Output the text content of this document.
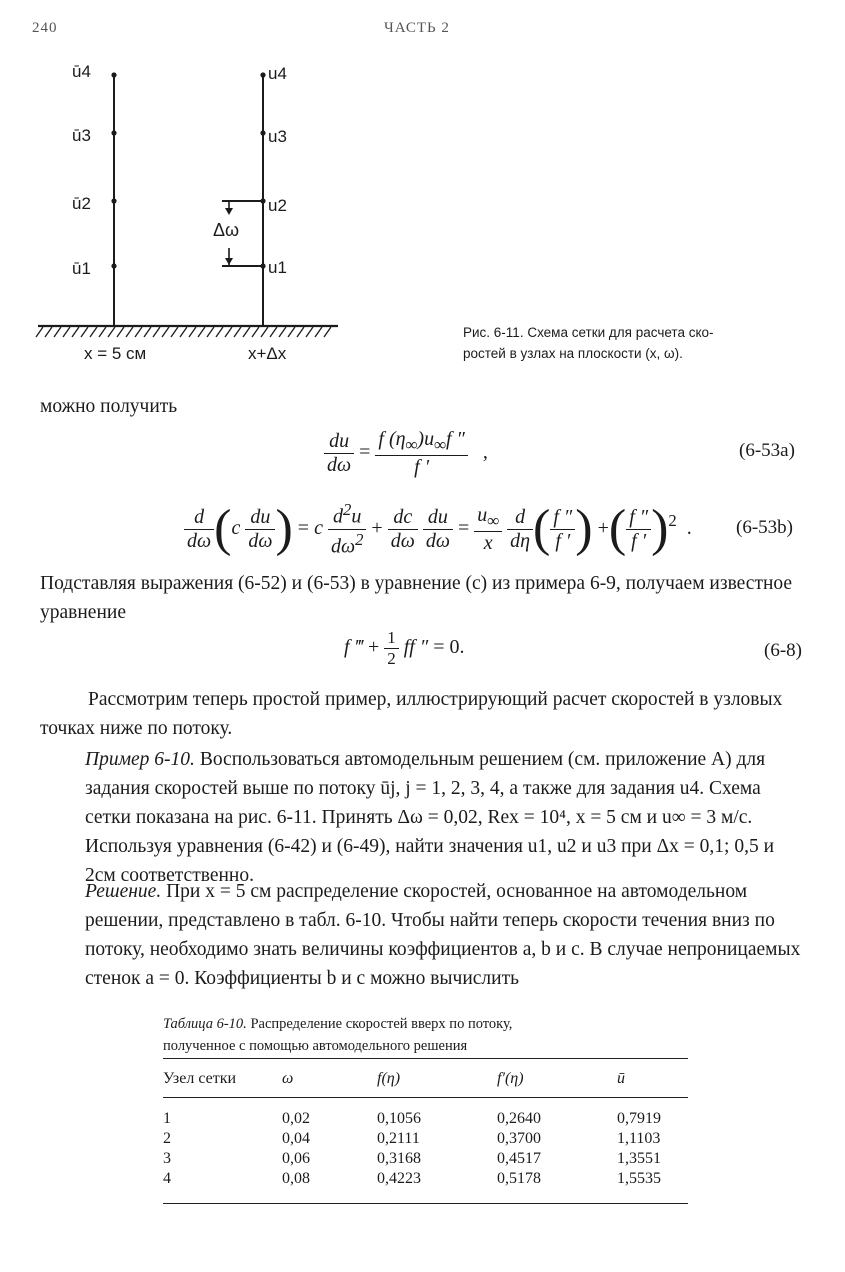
240	ЧАСТЬ 2
ū4
ū3
ū2
ū1
u4
u3
u2
u1
Δω
x = 5 см	x+Δx
Рис. 6-11. Схема сетки для расчета ско-
ростей в узлах на плоскости (x, ω).
можно получить
$\frac{du}{d\omega} = \frac{f (\eta_\infty)u_\infty f ''}{f '}$ ,	(6-53a)
$\frac{d}{d\omega} (c \frac{du}{d\omega}$ ) = c $\frac{d^2u}{d\omega^2} + \frac{dc}{d\omega}$
$\frac{du}{d\omega} = \frac{u_\infty}{x}$
$\frac{d}{d\eta}$ ( $\frac{f ''}{f '}$ ) +( $\frac{f ''}{f '} )^2$  . (6-53b)
Подставляя выражения (6-52) и (6-53) в уравнение (c) из примера 6-9, получаем известное уравнение
f ‴ + $\frac{1}{2}$ ff ″ = 0.	(6-8)
Рассмотрим теперь простой пример, иллюстрирующий расчет скоростей в узловых точках ниже по потоку.
Пример 6-10. Воспользоваться автомодельным решением (см. приложение А) для задания скоростей выше по потоку ūj, j = 1, 2, 3, 4, а также для задания u4. Схема сетки показана на рис. 6-11. Принять Δω = 0,02, Rex = 10⁴, x = 5 см и u∞ = 3 м/с. Используя уравнения (6-42) и (6-49), найти значения u1, u2 и u3 при Δx = 0,1; 0,5 и 2см соответственно.
Решение. При x = 5 см распределение скоростей, основанное на автомодельном решении, представлено в табл. 6-10. Чтобы найти теперь скорости течения вниз по потоку, необходимо знать величины коэффициентов a, b и c. В случае непроницаемых стенок a = 0. Коэффициенты b и c можно вычислить
Таблица 6-10. Распределение скоростей вверх по потоку,
полученное с помощью автомодельного решения
Узел сетки	ω	f(η)	f′(η)	ū

1	0,02	0,1056	0,2640	0,7919
2	0,04	0,2111	0,3700	1,1103
3	0,06	0,3168	0,4517	1,3551
4	0,08	0,4223	0,5178	1,5535
